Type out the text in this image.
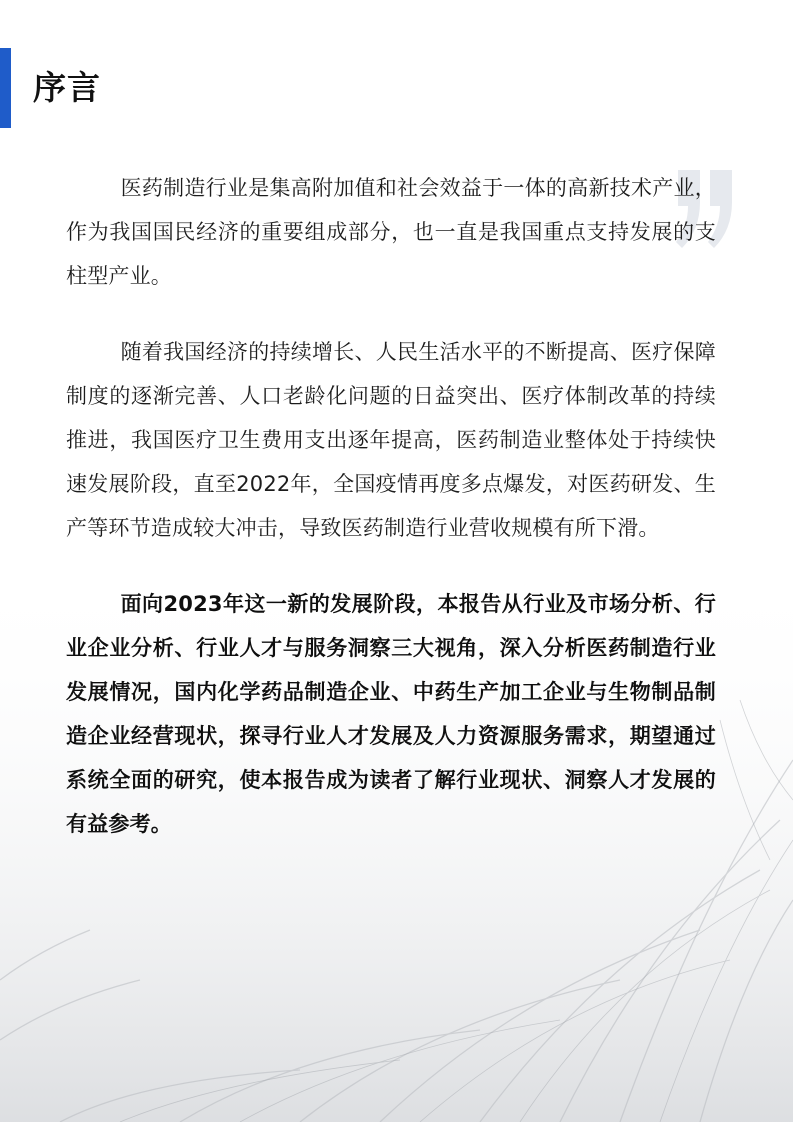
序言

医药制造行业是集高附加值和社会效益于一体的高新技术产业，作为我国国民经济的重要组成部分，也一直是我国重点支持发展的支柱型产业。

随着我国经济的持续增长、人民生活水平的不断提高、医疗保障制度的逐渐完善、人口老龄化问题的日益突出、医疗体制改革的持续推进，我国医疗卫生费用支出逐年提高，医药制造业整体处于持续快速发展阶段，直至2022年，全国疫情再度多点爆发，对医药研发、生产等环节造成较大冲击，导致医药制造行业营收规模有所下滑。

面向2023年这一新的发展阶段，本报告从行业及市场分析、行业企业分析、行业人才与服务洞察三大视角，深入分析医药制造行业发展情况，国内化学药品制造企业、中药生产加工企业与生物制品制造企业经营现状，探寻行业人才发展及人力资源服务需求，期望通过系统全面的研究，使本报告成为读者了解行业现状、洞察人才发展的有益参考。
